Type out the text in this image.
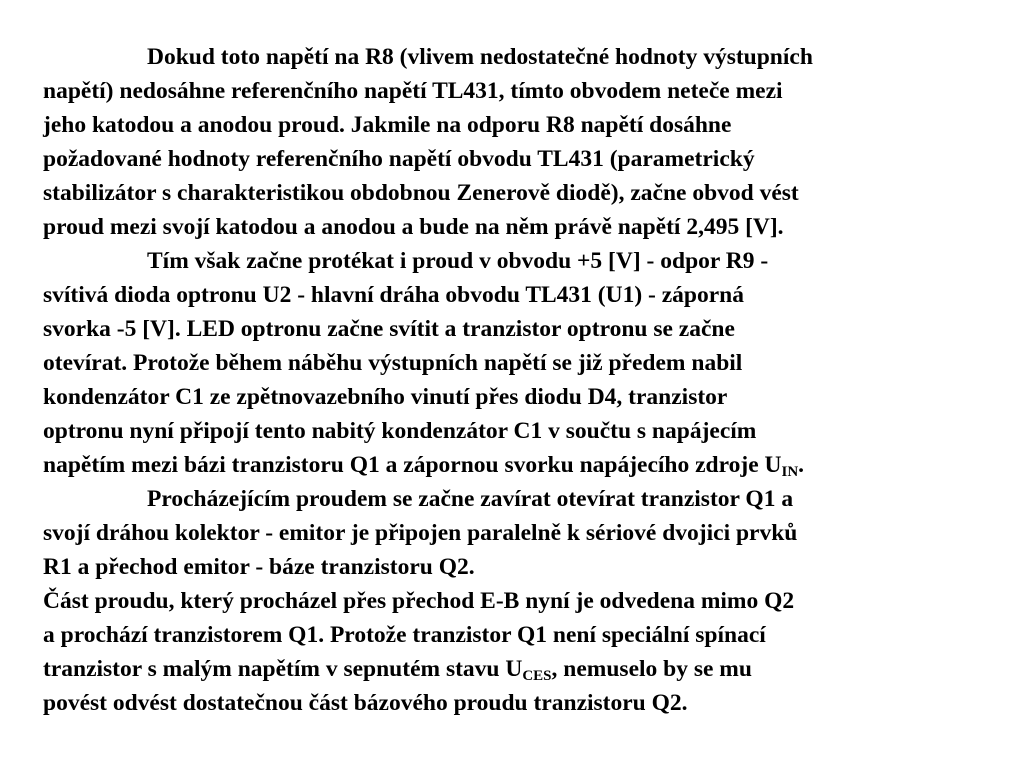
Dokud toto napětí na R8 (vlivem nedostatečné hodnoty výstupních
napětí) nedosáhne referenčního napětí TL431, tímto obvodem neteče mezi
jeho katodou a anodou proud. Jakmile na odporu R8 napětí dosáhne
požadované hodnoty referenčního napětí obvodu TL431 (parametrický
stabilizátor s charakteristikou obdobnou Zenerově diodě), začne obvod vést
proud mezi svojí katodou a anodou a bude na něm právě napětí 2,495 [V].
Tím však začne protékat i proud v obvodu +5 [V] - odpor R9 -
svítivá dioda optronu U2 - hlavní dráha obvodu TL431 (U1) - záporná
svorka -5 [V]. LED optronu začne svítit a tranzistor optronu se začne
otevírat. Protože během náběhu výstupních napětí se již předem nabil
kondenzátor C1 ze zpětnovazebního vinutí přes diodu D4, tranzistor
optronu nyní připojí tento nabitý kondenzátor C1 v součtu s napájecím
napětím mezi bázi tranzistoru Q1 a zápornou svorku napájecího zdroje $U_{IN}$.
Procházejícím proudem se začne zavírat otevírat tranzistor Q1 a
svojí dráhou kolektor - emitor je připojen paralelně k sériové dvojici prvků
R1 a přechod emitor - báze tranzistoru Q2.
Část proudu, který procházel přes přechod E-B nyní je odvedena mimo Q2
a prochází tranzistorem Q1. Protože tranzistor Q1 není speciální spínací
tranzistor s malým napětím v sepnutém stavu $U_{CES}$, nemuselo by se mu
povést odvést dostatečnou část bázového proudu tranzistoru Q2.
